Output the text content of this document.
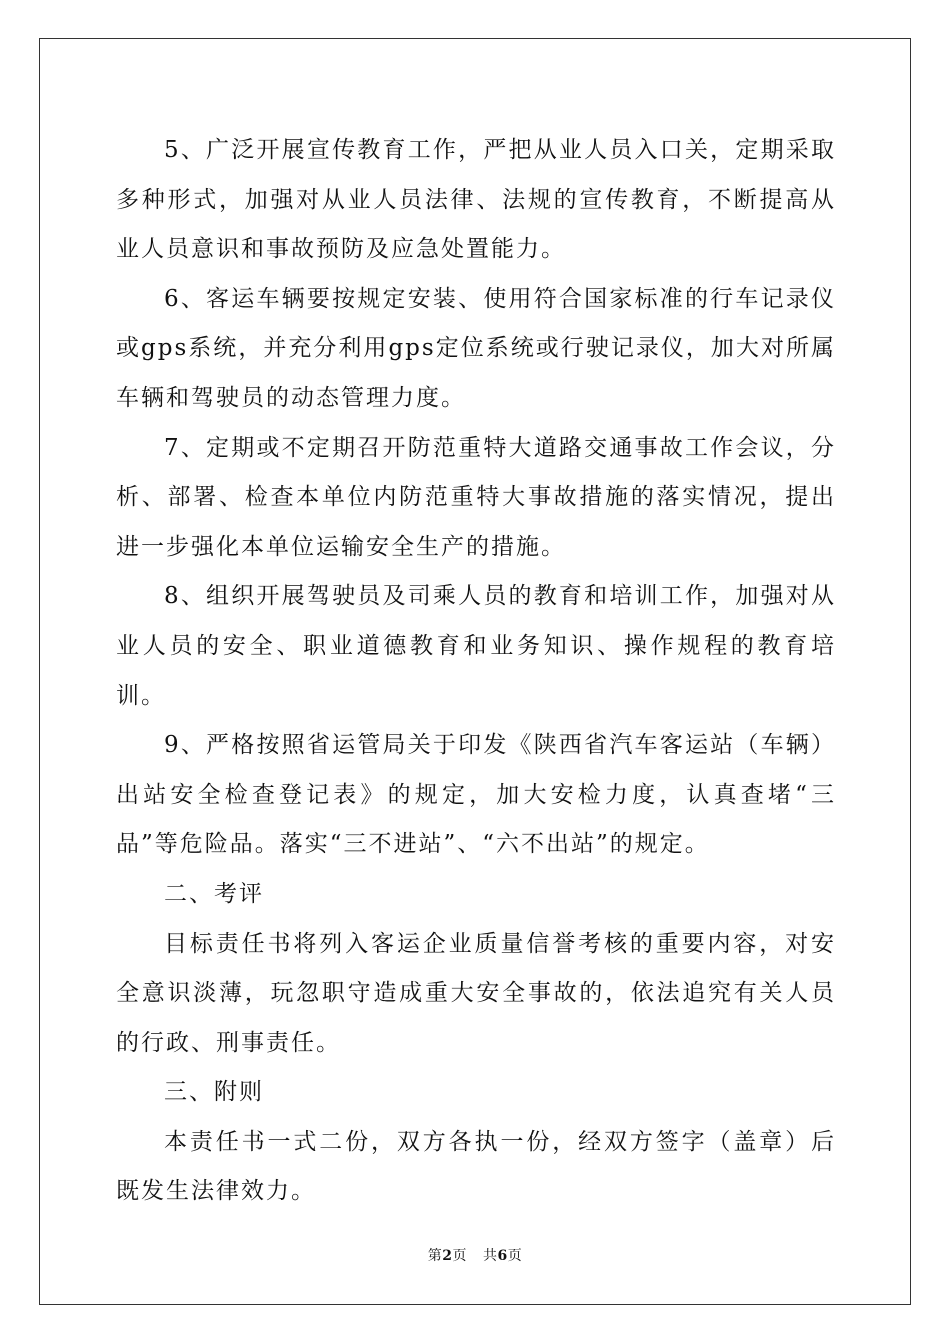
5、广泛开展宣传教育工作，严把从业人员入口关，定期采取多种形式，加强对从业人员法律、法规的宣传教育，不断提高从业人员意识和事故预防及应急处置能力。

6、客运车辆要按规定安装、使用符合国家标准的行车记录仪或gps系统，并充分利用gps定位系统或行驶记录仪，加大对所属车辆和驾驶员的动态管理力度。

7、定期或不定期召开防范重特大道路交通事故工作会议，分析、部署、检查本单位内防范重特大事故措施的落实情况，提出进一步强化本单位运输安全生产的措施。

8、组织开展驾驶员及司乘人员的教育和培训工作，加强对从业人员的安全、职业道德教育和业务知识、操作规程的教育培训。

9、严格按照省运管局关于印发《陕西省汽车客运站（车辆）出站安全检查登记表》的规定，加大安检力度，认真查堵“三品”等危险品。落实“三不进站”、“六不出站”的规定。

二、考评

目标责任书将列入客运企业质量信誉考核的重要内容，对安全意识淡薄，玩忽职守造成重大安全事故的，依法追究有关人员的行政、刑事责任。

三、附则

本责任书一式二份，双方各执一份，经双方签字（盖章）后既发生法律效力。

第2页 共6页
